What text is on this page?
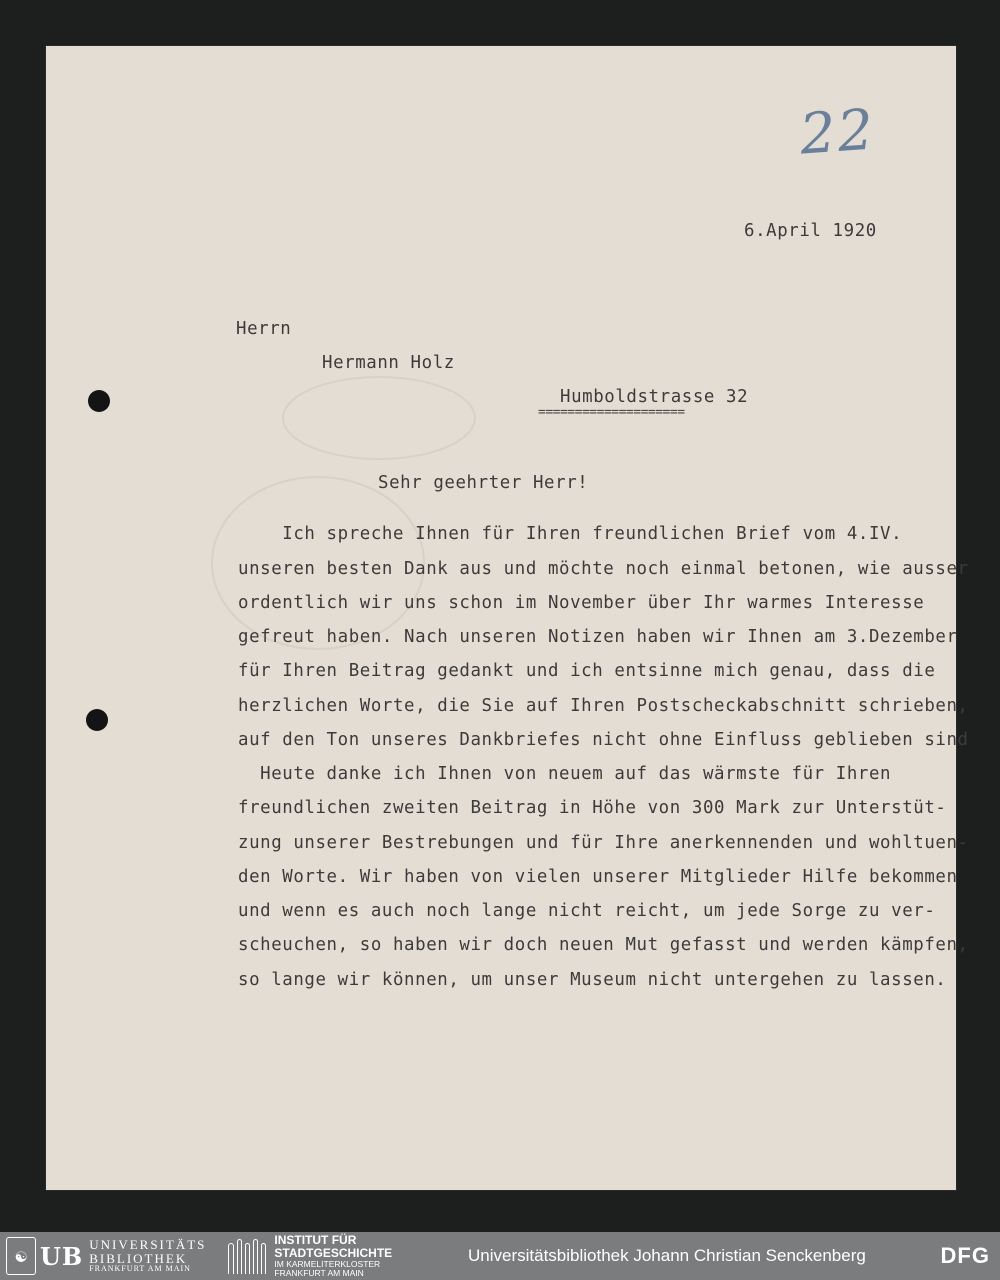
22

6.April 1920

Herrn

Hermann Holz

Humboldstrasse 32

====================

Sehr geehrter Herr!

Ich spreche Ihnen für Ihren freundlichen Brief vom 4.IV.

unseren besten Dank aus und möchte noch einmal betonen, wie ausser

ordentlich wir uns schon im November über Ihr warmes Interesse

gefreut haben. Nach unseren Notizen haben wir Ihnen am 3.Dezember

für Ihren Beitrag gedankt und ich entsinne mich genau, dass die

herzlichen Worte, die Sie auf Ihren Postscheckabschnitt schrieben,

auf den Ton unseres Dankbriefes nicht ohne Einfluss geblieben sind

Heute danke ich Ihnen von neuem auf das wärmste für Ihren

freundlichen zweiten Beitrag in Höhe von 300 Mark zur Unterstüt-

zung unserer Bestrebungen und für Ihre anerkennenden und wohltuen-

den Worte. Wir haben von vielen unserer Mitglieder Hilfe bekommen

und wenn es auch noch lange nicht reicht, um jede Sorge zu ver-

scheuchen, so haben wir doch neuen Mut gefasst und werden kämpfen,

so lange wir können, um unser Museum nicht untergehen zu lassen.

☯ UB UNIVERSITÄTS
BIBLIOTHEK
FRANKFURT AM MAIN
INSTITUT FÜR
STADTGESCHICHTE
IM KARMELITERKLOSTER
FRANKFURT AM MAIN
Universitätsbibliothek Johann Christian Senckenberg	DFG
